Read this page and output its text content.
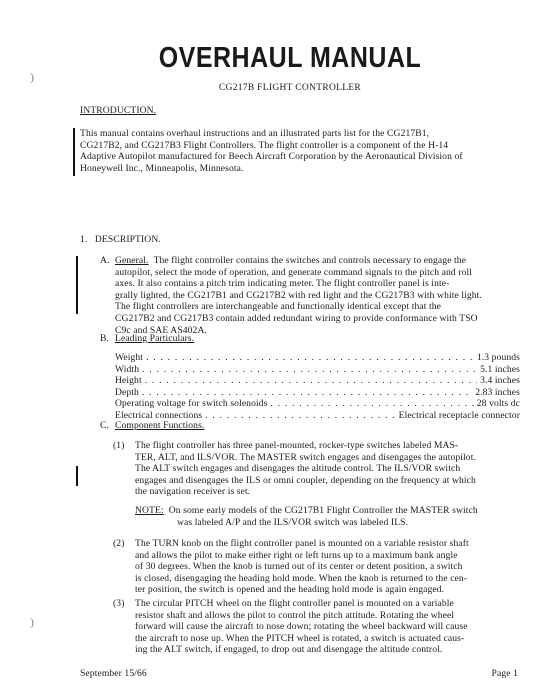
)
)
OVERHAUL MANUAL
CG217B FLIGHT CONTROLLER
INTRODUCTION.
This manual contains overhaul instructions and an illustrated parts list for the CG217B1,
CG217B2, and CG217B3 Flight Controllers. The flight controller is a component of the H-14
Adaptive Autopilot manufactured for Beech Aircraft Corporation by the Aeronautical Division of
Honeywell Inc., Minneapolis, Minnesota.
1.   DESCRIPTION.
A. General. The flight controller contains the switches and controls necessary to engage the
autopilot, select the mode of operation, and generate command signals to the pitch and roll
axes. It also contains a pitch trim indicating meter. The flight controller panel is inte-
grally lighted, the CG217B1 and CG217B2 with red light and the CG217B3 with white light.
The flight controllers are interchangeable and functionally identical except that the
CG217B2 and CG217B3 contain added redundant wiring to provide conformance with TSO
C9c and SAE AS402A.
B. Leading Particulars.
Weight . . .	1.3 pounds
Width . . .	5.1 inches
Height . . .	3.4 inches
Depth . . .	2.83 inches
Operating voltage for switch solenoids . . .	28 volts dc
Electrical connections . . .	Electrical receptacle connector
C. Component Functions.
(1) The flight controller has three panel-mounted, rocker-type switches labeled MAS-
TER, ALT, and ILS/VOR. The MASTER switch engages and disengages the autopilot.
The ALT switch engages and disengages the altitude control. The ILS/VOR switch
engages and disengages the ILS or omni coupler, depending on the frequency at which
the navigation receiver is set.
NOTE: On some early models of the CG217B1 Flight Controller the MASTER switch
was labeled A/P and the ILS/VOR switch was labeled ILS.
(2) The TURN knob on the flight controller panel is mounted on a variable resistor shaft
and allows the pilot to make either right or left turns up to a maximum bank angle
of 30 degrees. When the knob is turned out of its center or detent position, a switch
is closed, disengaging the heading hold mode. When the knob is returned to the cen-
ter position, the switch is opened and the heading hold mode is again engaged.
(3) The circular PITCH wheel on the flight controller panel is mounted on a variable
resistor shaft and allows the pilot to control the pitch attitude. Rotating the wheel
forward will cause the aircraft to nose down; rotating the wheel backward will cause
the aircraft to nose up. When the PITCH wheel is rotated, a switch is actuated caus-
ing the ALT switch, if engaged, to drop out and disengage the altitude control.
September 15/66	Page 1
